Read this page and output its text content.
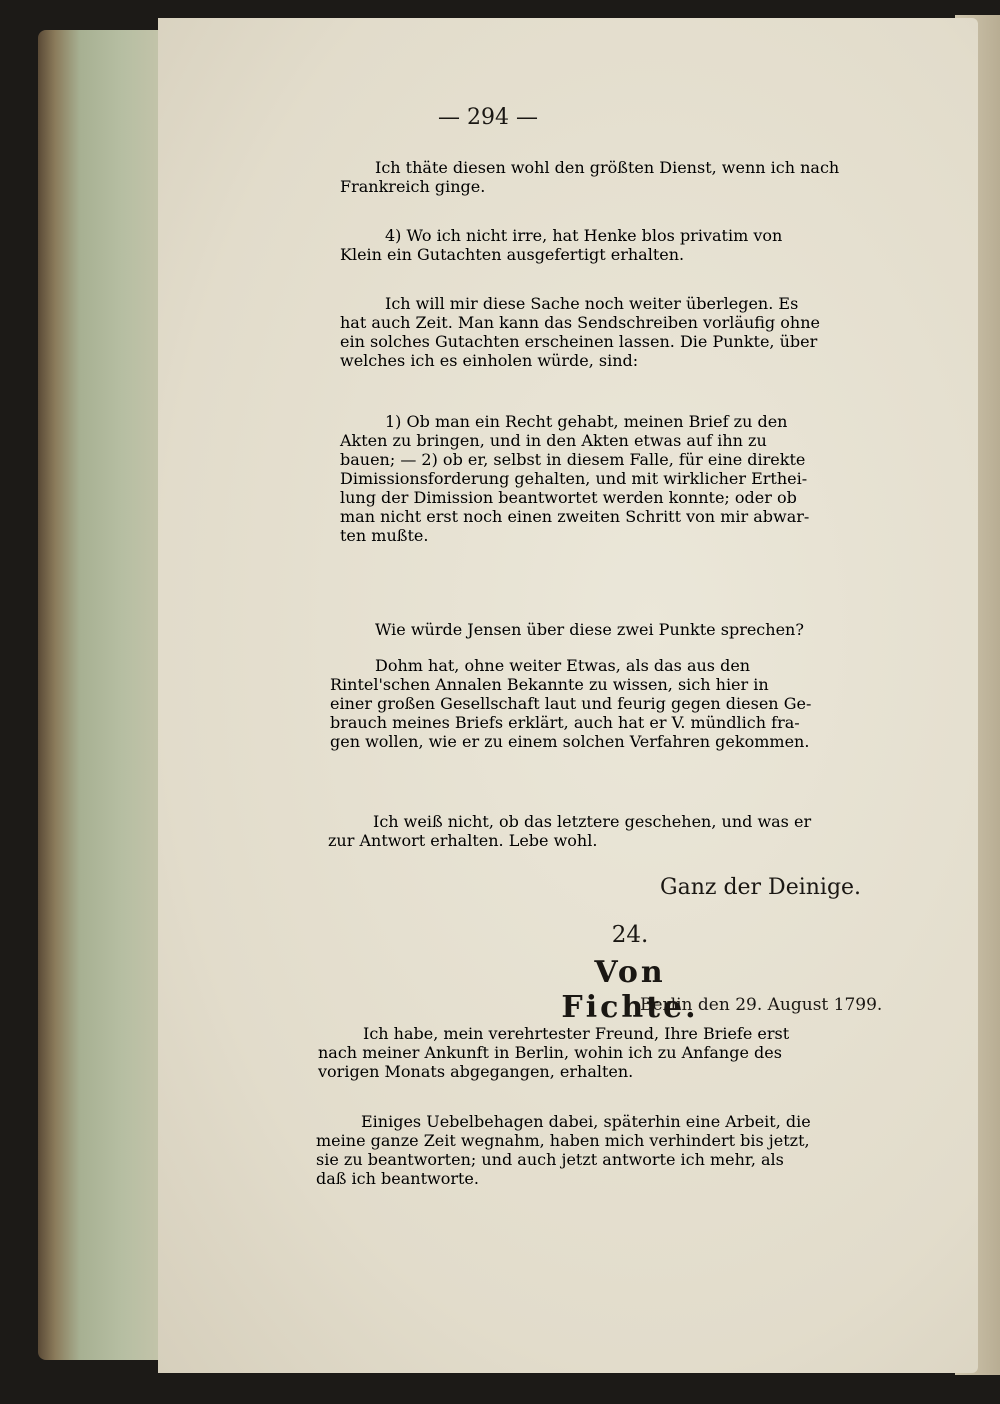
— 294 —
Ich thäte diesen wohl den größten Dienst, wenn ich nach
Frankreich ginge.
4) Wo ich nicht irre, hat Henke blos privatim von
Klein ein Gutachten ausgefertigt erhalten.
Ich will mir diese Sache noch weiter überlegen. Es
hat auch Zeit. Man kann das Sendschreiben vorläufig ohne
ein solches Gutachten erscheinen lassen. Die Punkte, über
welches ich es einholen würde, sind:
1) Ob man ein Recht gehabt, meinen Brief zu den
Akten zu bringen, und in den Akten etwas auf ihn zu
bauen; — 2) ob er, selbst in diesem Falle, für eine direkte
Dimissionsforderung gehalten, und mit wirklicher Erthei-
lung der Dimission beantwortet werden konnte; oder ob
man nicht erst noch einen zweiten Schritt von mir abwar-
ten mußte.
Wie würde Jensen über diese zwei Punkte sprechen?
Dohm hat, ohne weiter Etwas, als das aus den
Rintel'schen Annalen Bekannte zu wissen, sich hier in
einer großen Gesellschaft laut und feurig gegen diesen Ge-
brauch meines Briefs erklärt, auch hat er V. mündlich fra-
gen wollen, wie er zu einem solchen Verfahren gekommen.
Ich weiß nicht, ob das letztere geschehen, und was er
zur Antwort erhalten. Lebe wohl.
Ganz der Deinige.
24.
Von Fichte.
Berlin den 29. August 1799.
Ich habe, mein verehrtester Freund, Ihre Briefe erst
nach meiner Ankunft in Berlin, wohin ich zu Anfange des
vorigen Monats abgegangen, erhalten.
Einiges Uebelbehagen dabei, späterhin eine Arbeit, die
meine ganze Zeit wegnahm, haben mich verhindert bis jetzt,
sie zu beantworten; und auch jetzt antworte ich mehr, als
daß ich beantworte.
